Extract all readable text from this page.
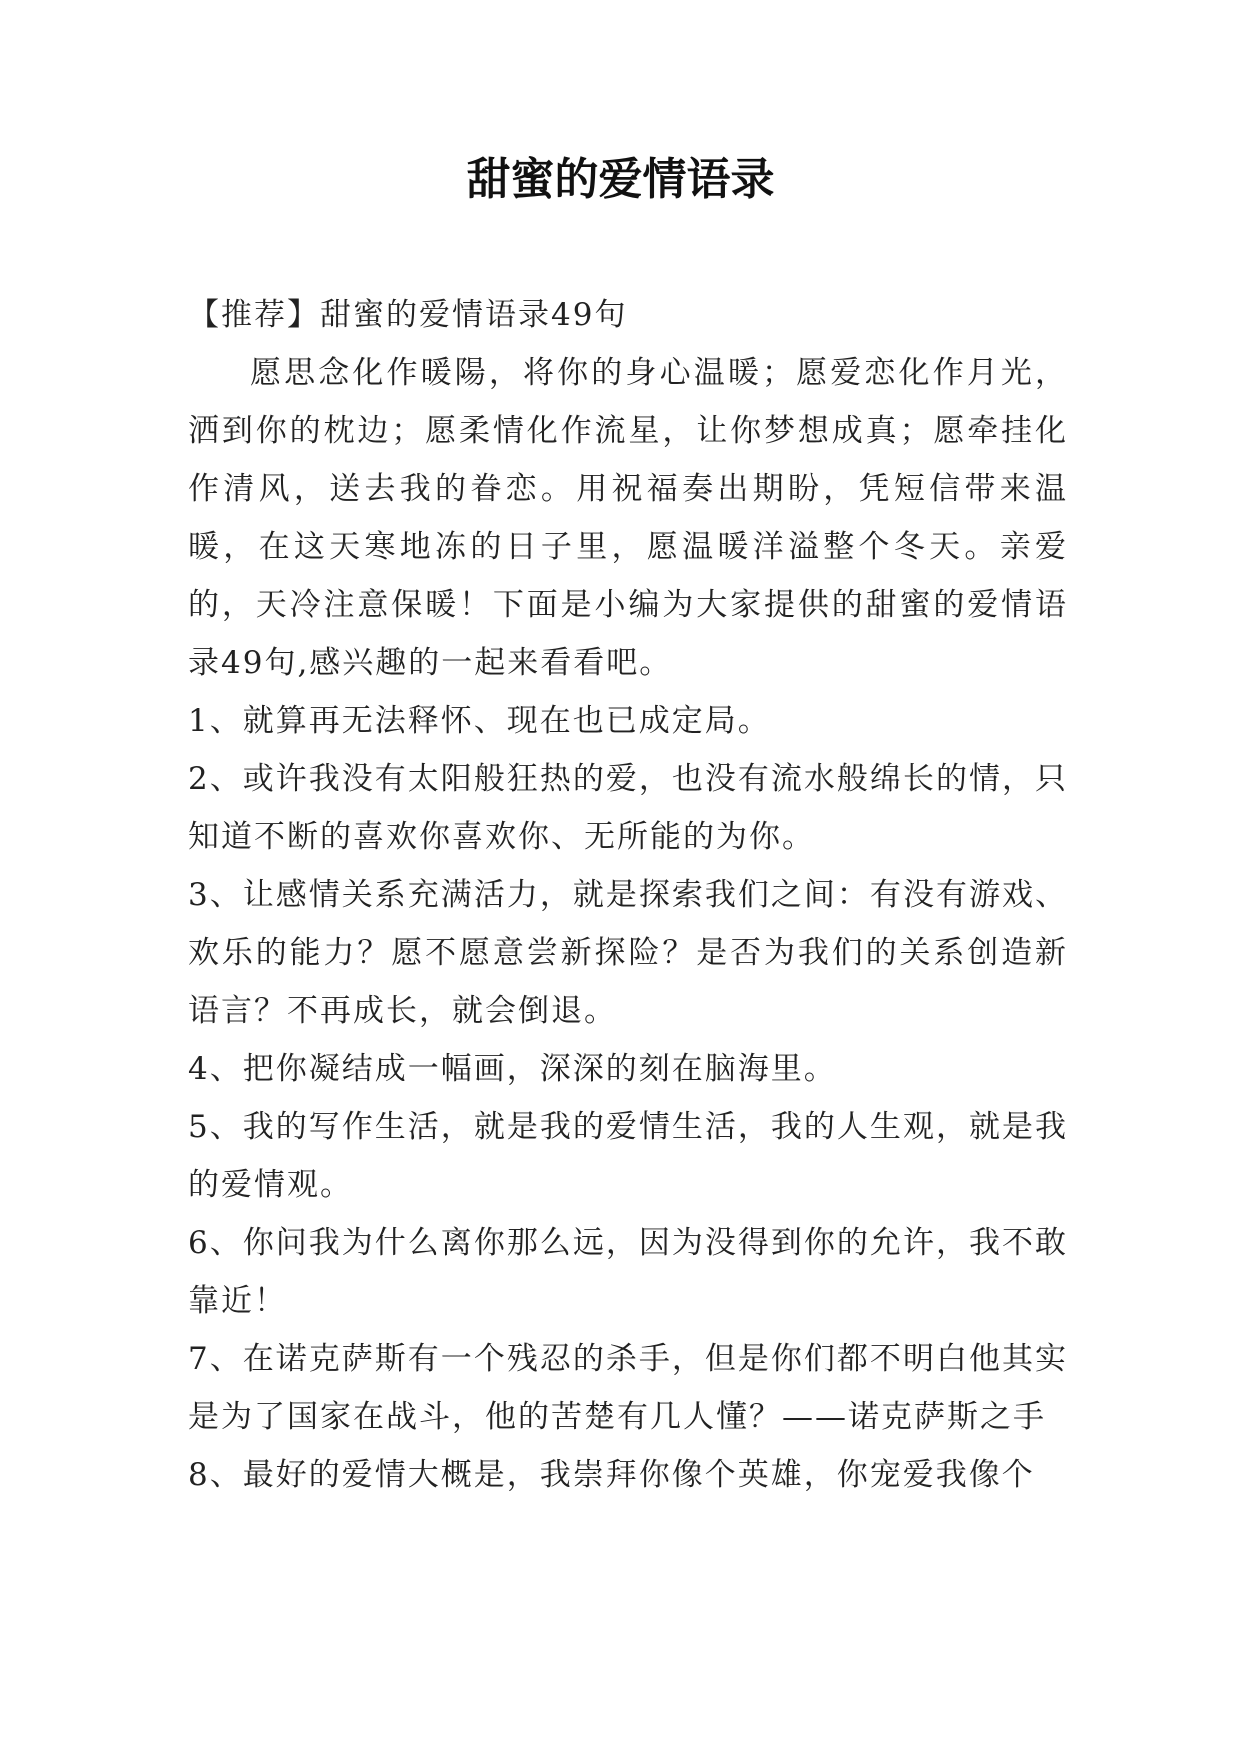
甜蜜的爱情语录

【推荐】甜蜜的爱情语录49句

愿思念化作暖陽，将你的身心温暖；愿爱恋化作月光，洒到你的枕边；愿柔情化作流星，让你梦想成真；愿牵挂化作清风，送去我的眷恋。用祝福奏出期盼，凭短信带来温暖，在这天寒地冻的日子里，愿温暖洋溢整个冬天。亲爱的，天冷注意保暖！下面是小编为大家提供的甜蜜的爱情语录49句,感兴趣的一起来看看吧。

1、就算再无法释怀、现在也已成定局。

2、或许我没有太阳般狂热的爱，也没有流水般绵长的情，只知道不断的喜欢你喜欢你、无所能的为你。

3、让感情关系充满活力，就是探索我们之间：有没有游戏、欢乐的能力？愿不愿意尝新探险？是否为我们的关系创造新语言？不再成长，就会倒退。

4、把你凝结成一幅画，深深的刻在脑海里。

5、我的写作生活，就是我的爱情生活，我的人生观，就是我的爱情观。

6、你问我为什么离你那么远，因为没得到你的允许，我不敢靠近！

7、在诺克萨斯有一个残忍的杀手，但是你们都不明白他其实是为了国家在战斗，他的苦楚有几人懂？——诺克萨斯之手

8、最好的爱情大概是，我崇拜你像个英雄，你宠爱我像个
